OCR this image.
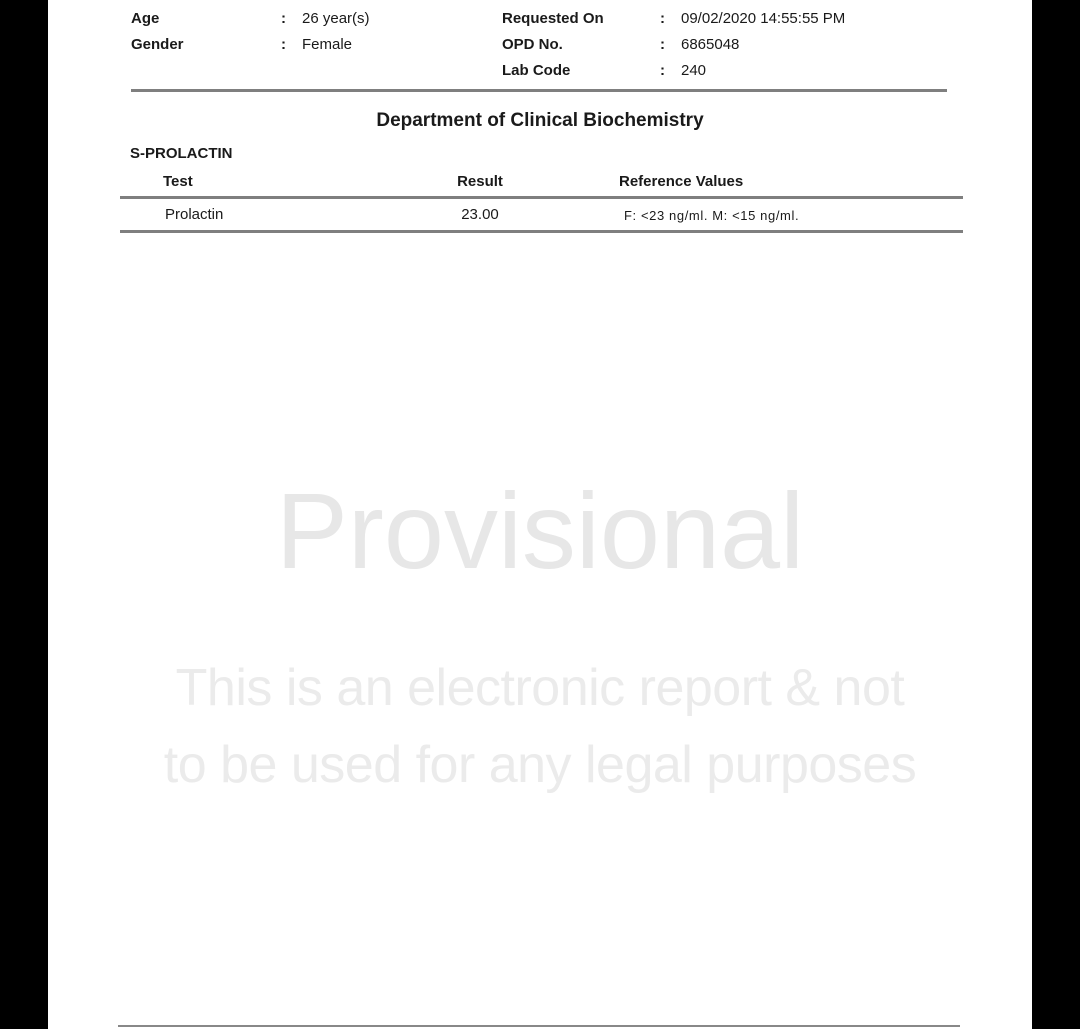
Age	:	26 year(s)
Gender	:	Female
Requested On	:	09/02/2020 14:55:55 PM
OPD No.	:	6865048
Lab Code	:	240
Department of Clinical Biochemistry
S-PROLACTIN
Test	Result	Reference Values
Prolactin	23.00	F: <23 ng/ml. M: <15 ng/ml.
Provisional
This is an electronic report & not
to be used for any legal purposes
